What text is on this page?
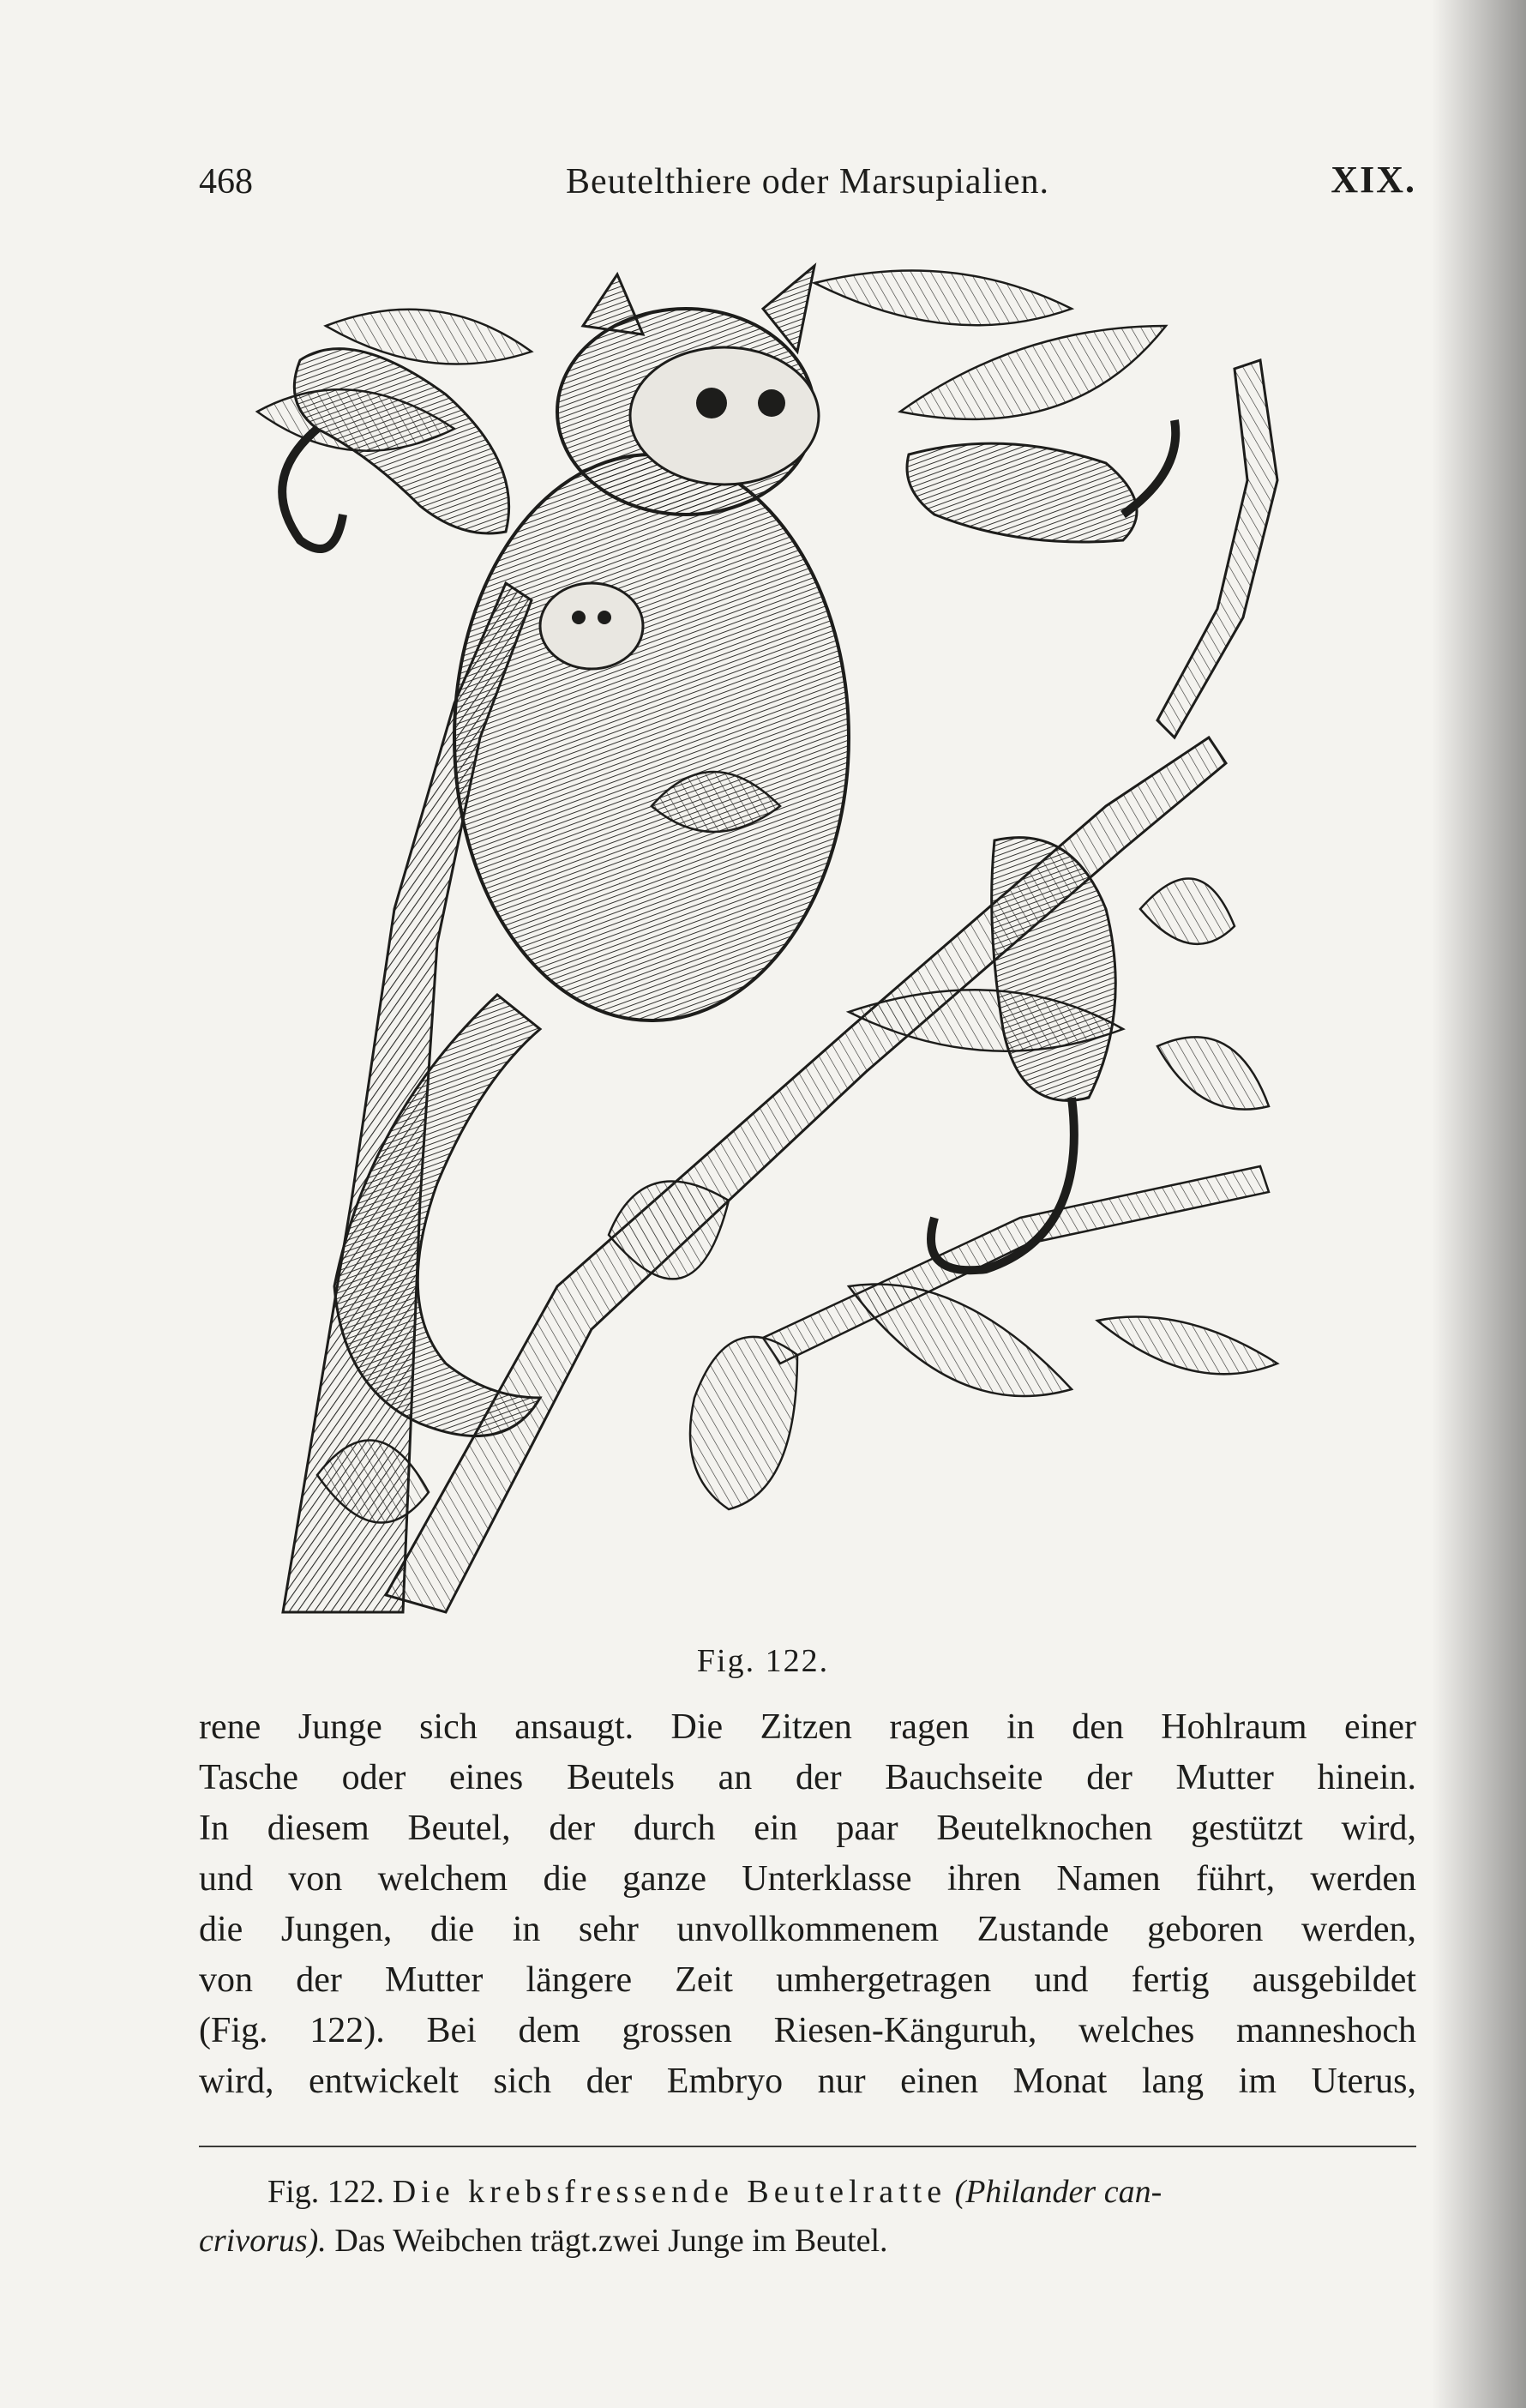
468	Beutelthiere oder Marsupialien.	XIX.
Fig. 122.
rene Junge sich ansaugt. Die Zitzen ragen in den Hohlraum einer
Tasche oder eines Beutels an der Bauchseite der Mutter hinein.
In diesem Beutel, der durch ein paar Beutelknochen gestützt wird,
und von welchem die ganze Unterklasse ihren Namen führt, werden
die Jungen, die in sehr unvollkommenem Zustande geboren werden,
von der Mutter längere Zeit umhergetragen und fertig ausgebildet
(Fig. 122). Bei dem grossen Riesen-Känguruh, welches manneshoch
wird, entwickelt sich der Embryo nur einen Monat lang im Uterus,
Fig. 122. Die krebsfressende Beutelratte (Philander can-
crivorus). Das Weibchen trägt.zwei Junge im Beutel.
